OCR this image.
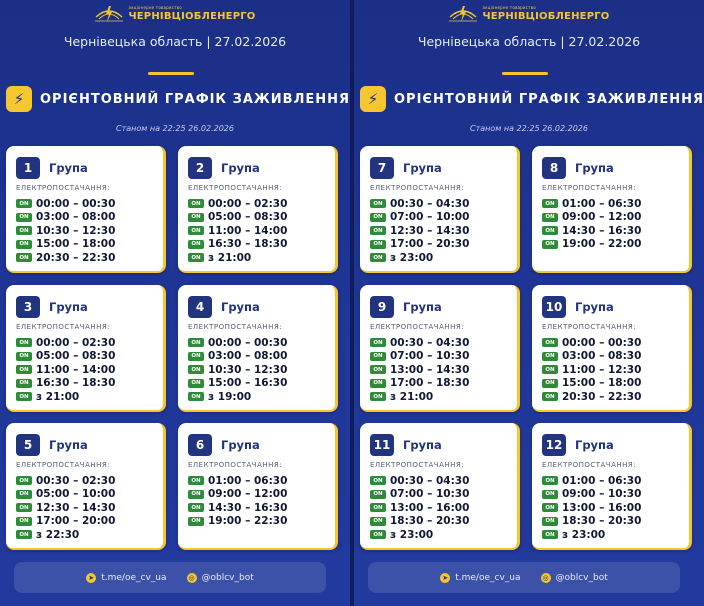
акціонерне товариство
ЧЕРНІВЦІОБЛЕНЕРГО
Чернівецька область | 27.02.2026
⚡	ОРІЄНТОВНИЙ ГРАФІК ЗАЖИВЛЕННЯ
Станом на 22:25 26.02.2026
1	Група
ЕЛЕКТРОПОСТАЧАННЯ:
ON 00:00 – 00:30
ON 03:00 – 08:00
ON 10:30 – 12:30
ON 15:00 – 18:00
ON 20:30 – 22:30
2	Група
ЕЛЕКТРОПОСТАЧАННЯ:
ON 00:00 – 02:30
ON 05:00 – 08:30
ON 11:00 – 14:00
ON 16:30 – 18:30
ON з 21:00
3	Група
ЕЛЕКТРОПОСТАЧАННЯ:
ON 00:00 – 02:30
ON 05:00 – 08:30
ON 11:00 – 14:00
ON 16:30 – 18:30
ON з 21:00
4	Група
ЕЛЕКТРОПОСТАЧАННЯ:
ON 00:00 – 00:30
ON 03:00 – 08:00
ON 10:30 – 12:30
ON 15:00 – 16:30
ON з 19:00
5	Група
ЕЛЕКТРОПОСТАЧАННЯ:
ON 00:30 – 02:30
ON 05:00 – 10:00
ON 12:30 – 14:30
ON 17:00 – 20:00
ON з 22:30
6	Група
ЕЛЕКТРОПОСТАЧАННЯ:
ON 01:00 – 06:30
ON 09:00 – 12:00
ON 14:30 – 16:30
ON 19:00 – 22:30
➤ t.me/oe_cv_ua	◎ @oblcv_bot
акціонерне товариство
ЧЕРНІВЦІОБЛЕНЕРГО
Чернівецька область | 27.02.2026
⚡	ОРІЄНТОВНИЙ ГРАФІК ЗАЖИВЛЕННЯ
Станом на 22:25 26.02.2026
7	Група
ЕЛЕКТРОПОСТАЧАННЯ:
ON 00:30 – 04:30
ON 07:00 – 10:00
ON 12:30 – 14:30
ON 17:00 – 20:30
ON з 23:00
8	Група
ЕЛЕКТРОПОСТАЧАННЯ:
ON 01:00 – 06:30
ON 09:00 – 12:00
ON 14:30 – 16:30
ON 19:00 – 22:00
9	Група
ЕЛЕКТРОПОСТАЧАННЯ:
ON 00:30 – 04:30
ON 07:00 – 10:30
ON 13:00 – 14:30
ON 17:00 – 18:30
ON з 21:00
10	Група
ЕЛЕКТРОПОСТАЧАННЯ:
ON 00:00 – 00:30
ON 03:00 – 08:30
ON 11:00 – 12:30
ON 15:00 – 18:00
ON 20:30 – 22:30
11	Група
ЕЛЕКТРОПОСТАЧАННЯ:
ON 00:30 – 04:30
ON 07:00 – 10:30
ON 13:00 – 16:00
ON 18:30 – 20:30
ON з 23:00
12	Група
ЕЛЕКТРОПОСТАЧАННЯ:
ON 01:00 – 06:30
ON 09:00 – 10:30
ON 13:00 – 16:00
ON 18:30 – 20:30
ON з 23:00
➤ t.me/oe_cv_ua	◎ @oblcv_bot
